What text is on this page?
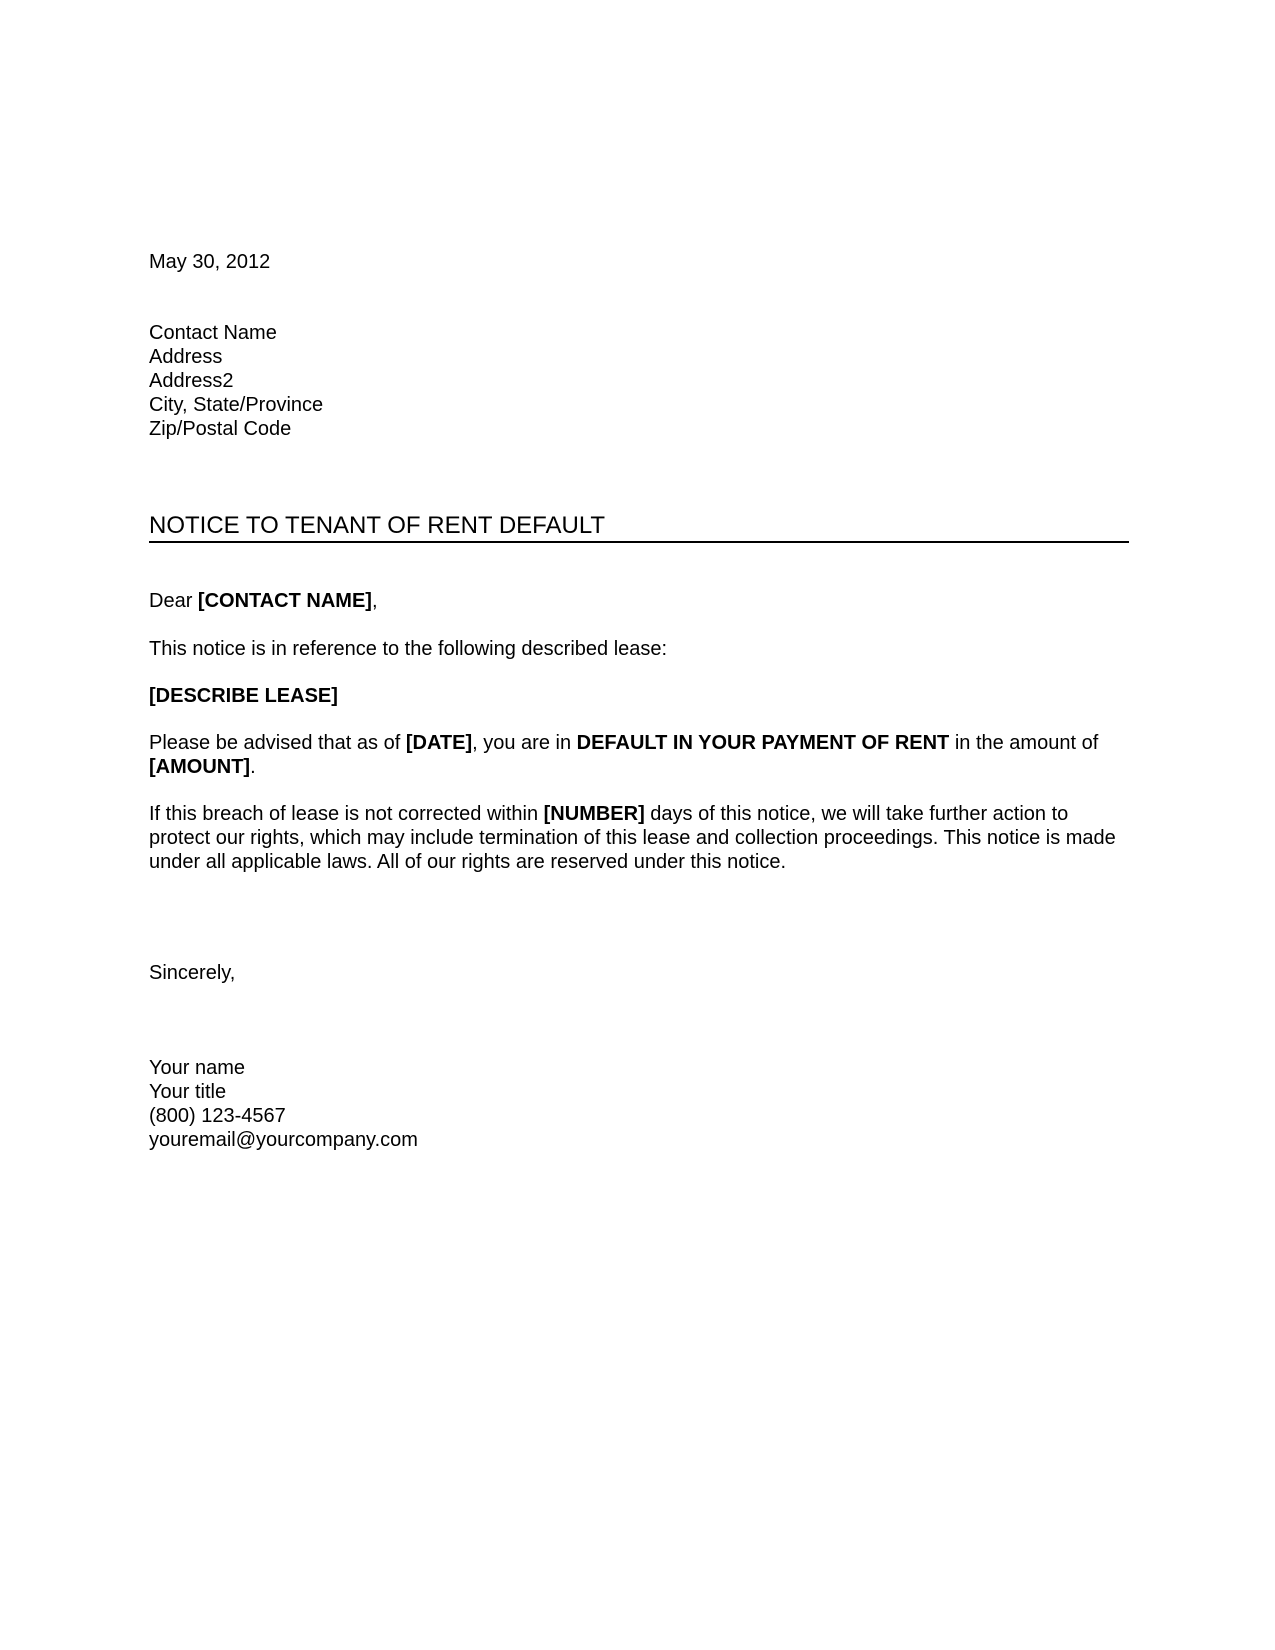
May 30, 2012
Contact Name
Address
Address2
City, State/Province
Zip/Postal Code
NOTICE TO TENANT OF RENT DEFAULT
Dear [CONTACT NAME],

This notice is in reference to the following described lease:

[DESCRIBE LEASE]

Please be advised that as of [DATE], you are in DEFAULT IN YOUR PAYMENT OF RENT in the amount of [AMOUNT].

If this breach of lease is not corrected within [NUMBER] days of this notice, we will take further action to protect our rights, which may include termination of this lease and collection proceedings. This notice is made under all applicable laws. All of our rights are reserved under this notice.

Sincerely,
Your name
Your title
(800) 123-4567
youremail@yourcompany.com
